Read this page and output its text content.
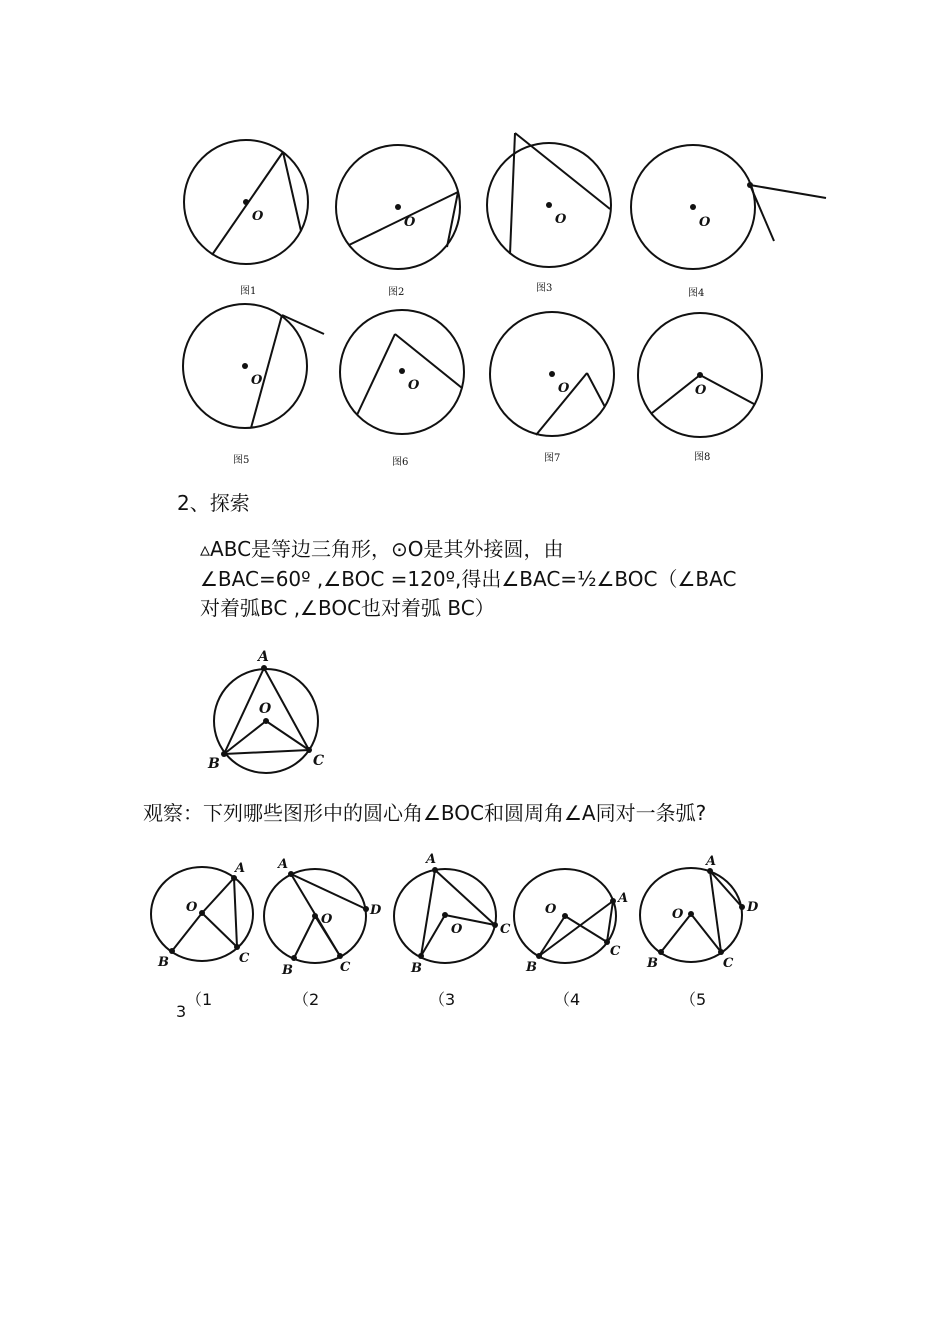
O	O	O	O
O	O	O	O
A
O
B	C
A
O
B	C
A
O
D
B	C
A
O	C
B
O
A
C
B
A
D
O
B	C
图1	图2	图3	图4
图5	图6	图7	图8
2、探索
▵ABC是等边三角形，⊙O是其外接圆，由
∠BAC=60º ,∠BOC =120º,得出∠BAC=½∠BOC（∠BAC
对着弧BC ,∠BOC也对着弧 BC）
观察：下列哪些图形中的圆心角∠BOC和圆周角∠A同对一条弧?
（1	（2	（3	（4	（5
3
